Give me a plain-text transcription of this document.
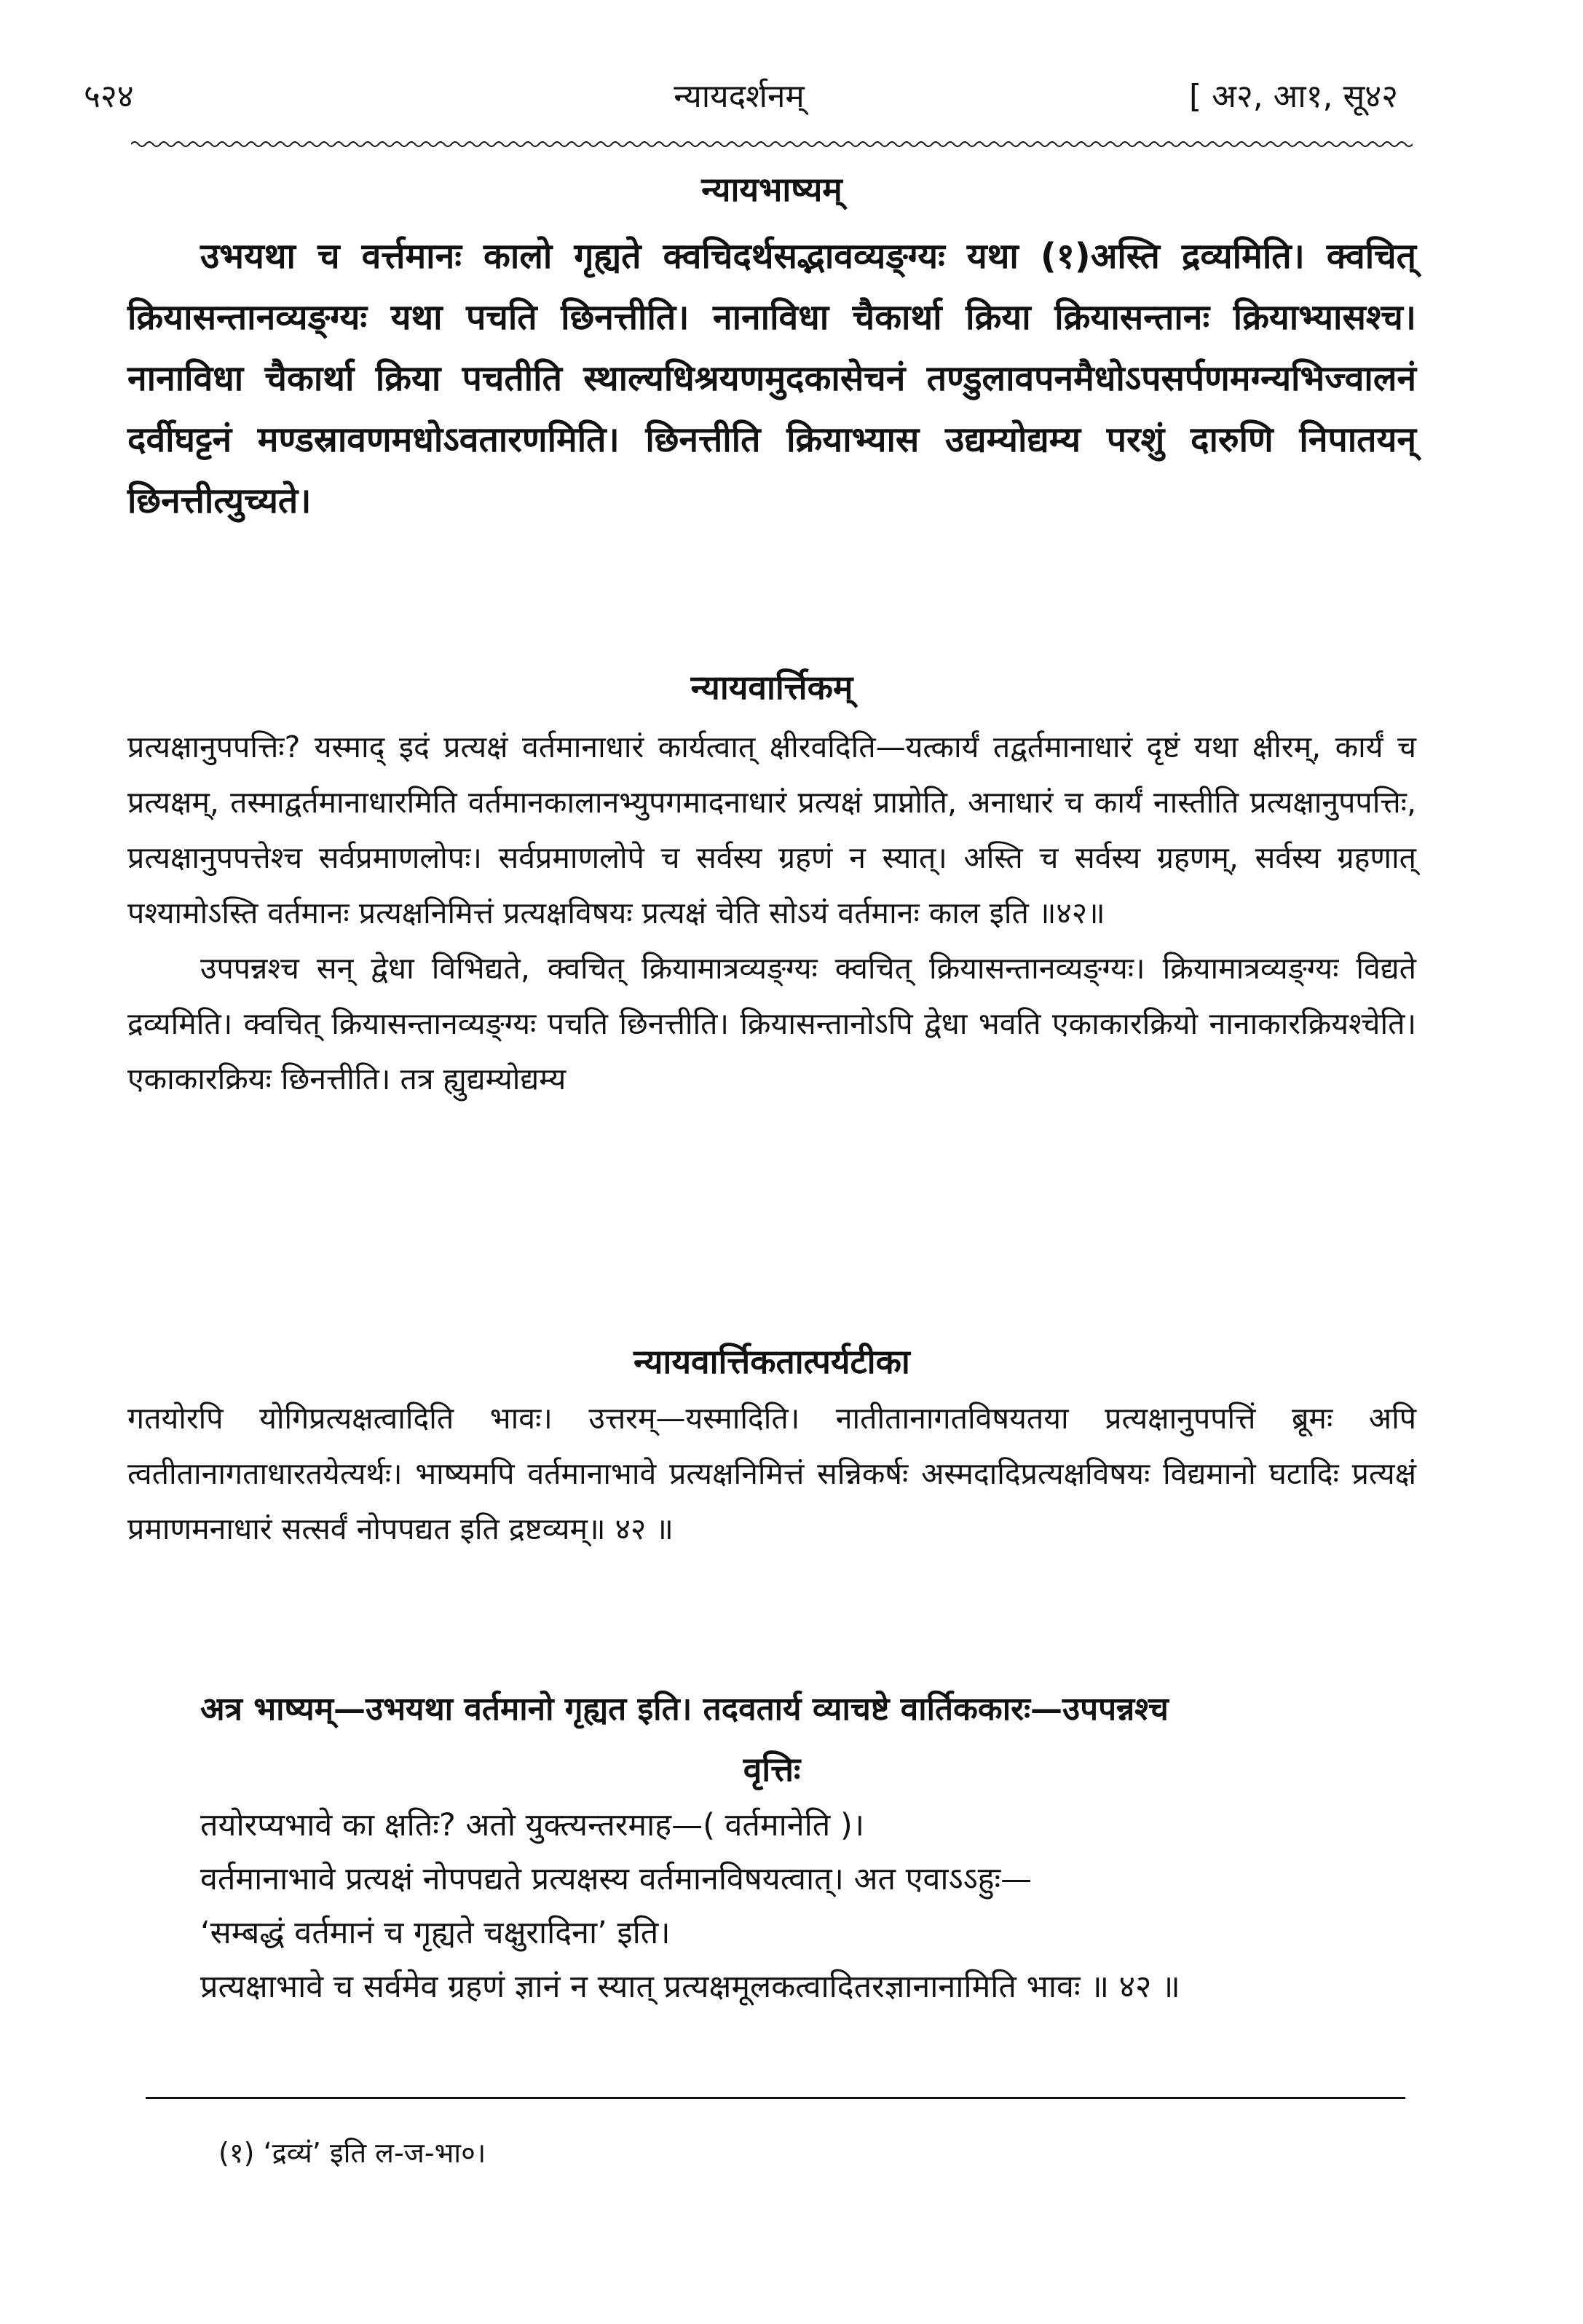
५२४	न्यायदर्शनम्	[ अ२, आ१, सू४२
न्यायभाष्यम्

उभयथा च वर्त्तमानः कालो गृह्यते क्वचिदर्थसद्भावव्यङ्ग्यः यथा (१)अस्ति द्रव्यमिति। क्वचित् क्रियासन्तानव्यङ्ग्यः यथा पचति छिनत्तीति। नानाविधा चैकार्था क्रिया क्रियासन्तानः क्रियाभ्यासश्च। नानाविधा चैकार्था क्रिया पचतीति स्थाल्यधिश्रयणमुदकासेचनं तण्डुलावपनमैधोऽपसर्पणमग्न्यभिज्वालनं दर्वीघट्टनं मण्डस्रावणमधोऽवतारणमिति। छिनत्तीति क्रियाभ्यास उद्यम्योद्यम्य परशुं दारुणि निपातयन् छिनत्तीत्युच्यते।

न्यायवार्त्तिकम्

प्रत्यक्षानुपपत्तिः? यस्माद् इदं प्रत्यक्षं वर्तमानाधारं कार्यत्वात् क्षीरवदिति—यत्कार्यं तद्वर्तमानाधारं दृष्टं यथा क्षीरम्, कार्यं च प्रत्यक्षम्, तस्माद्वर्तमानाधारमिति वर्तमानकालानभ्युपगमादनाधारं प्रत्यक्षं प्राप्नोति, अनाधारं च कार्यं नास्तीति प्रत्यक्षानुपपत्तिः, प्रत्यक्षानुपपत्तेश्च सर्वप्रमाणलोपः। सर्वप्रमाणलोपे च सर्वस्य ग्रहणं न स्यात्। अस्ति च सर्वस्य ग्रहणम्, सर्वस्य ग्रहणात् पश्यामोऽस्ति वर्तमानः प्रत्यक्षनिमित्तं प्रत्यक्षविषयः प्रत्यक्षं चेति सोऽयं वर्तमानः काल इति ॥४२॥

उपपन्नश्च सन् द्वेधा विभिद्यते, क्वचित् क्रियामात्रव्यङ्ग्यः क्वचित् क्रियासन्तानव्यङ्ग्यः। क्रियामात्रव्यङ्ग्यः विद्यते द्रव्यमिति। क्वचित् क्रियासन्तानव्यङ्ग्यः पचति छिनत्तीति। क्रियासन्तानोऽपि द्वेधा भवति एकाकारक्रियो नानाकारक्रियश्चेति। एकाकारक्रियः छिनत्तीति। तत्र ह्युद्यम्योद्यम्य

न्यायवार्त्तिकतात्पर्यटीका

गतयोरपि योगिप्रत्यक्षत्वादिति भावः। उत्तरम्—यस्मादिति। नातीतानागतविषयतया प्रत्यक्षानुपपत्तिं ब्रूमः अपि त्वतीतानागताधारतयेत्यर्थः। भाष्यमपि वर्तमानाभावे प्रत्यक्षनिमित्तं सन्निकर्षः अस्मदादिप्रत्यक्षविषयः विद्यमानो घटादिः प्रत्यक्षं प्रमाणमनाधारं सत्सर्वं नोपपद्यत इति द्रष्टव्यम्॥ ४२ ॥

अत्र भाष्यम्—उभयथा वर्तमानो गृह्यत इति। तदवतार्य व्याचष्टे वार्तिककारः—उपपन्नश्च

वृत्तिः

तयोरप्यभावे का क्षतिः? अतो युक्त्यन्तरमाह—( वर्तमानेति )।

वर्तमानाभावे प्रत्यक्षं नोपपद्यते प्रत्यक्षस्य वर्तमानविषयत्वात्। अत एवाऽऽहुः—

‘सम्बद्धं वर्तमानं च गृह्यते चक्षुरादिना’ इति।

प्रत्यक्षाभावे च सर्वमेव ग्रहणं ज्ञानं न स्यात् प्रत्यक्षमूलकत्वादितरज्ञानानामिति भावः ॥ ४२ ॥

(१) ‘द्रव्यं’ इति ल-ज-भा०।
